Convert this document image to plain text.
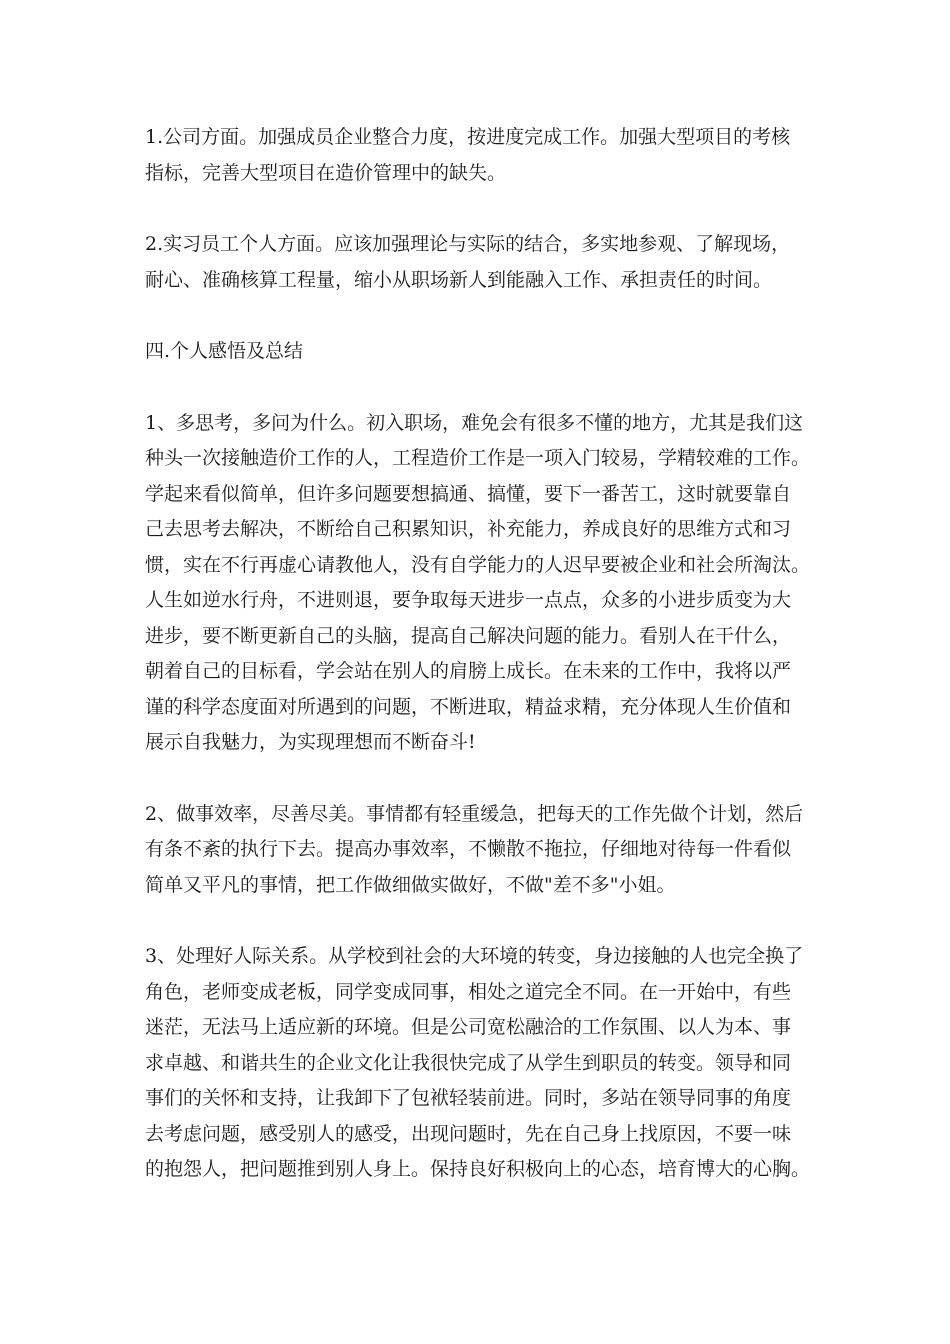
1.公司方面。加强成员企业整合力度，按进度完成工作。加强大型项目的考核
指标，完善大型项目在造价管理中的缺失。
2.实习员工个人方面。应该加强理论与实际的结合，多实地参观、了解现场，
耐心、准确核算工程量，缩小从职场新人到能融入工作、承担责任的时间。
四.个人感悟及总结
1、多思考，多问为什么。初入职场，难免会有很多不懂的地方，尤其是我们这
种头一次接触造价工作的人，工程造价工作是一项入门较易，学精较难的工作。
学起来看似简单，但许多问题要想搞通、搞懂，要下一番苦工，这时就要靠自
己去思考去解决，不断给自己积累知识，补充能力，养成良好的思维方式和习
惯，实在不行再虚心请教他人，没有自学能力的人迟早要被企业和社会所淘汰。
人生如逆水行舟，不进则退，要争取每天进步一点点，众多的小进步质变为大
进步，要不断更新自己的头脑，提高自己解决问题的能力。看别人在干什么，
朝着自己的目标看，学会站在别人的肩膀上成长。在未来的工作中，我将以严
谨的科学态度面对所遇到的问题，不断进取，精益求精，充分体现人生价值和
展示自我魅力，为实现理想而不断奋斗!
2、做事效率，尽善尽美。事情都有轻重缓急，把每天的工作先做个计划，然后
有条不紊的执行下去。提高办事效率，不懒散不拖拉，仔细地对待每一件看似
简单又平凡的事情，把工作做细做实做好，不做"差不多"小姐。
3、处理好人际关系。从学校到社会的大环境的转变，身边接触的人也完全换了
角色，老师变成老板，同学变成同事，相处之道完全不同。在一开始中，有些
迷茫，无法马上适应新的环境。但是公司宽松融洽的工作氛围、以人为本、事
求卓越、和谐共生的企业文化让我很快完成了从学生到职员的转变。领导和同
事们的关怀和支持，让我卸下了包袱轻装前进。同时，多站在领导同事的角度
去考虑问题，感受别人的感受，出现问题时，先在自己身上找原因，不要一味
的抱怨人，把问题推到别人身上。保持良好积极向上的心态，培育博大的心胸。
